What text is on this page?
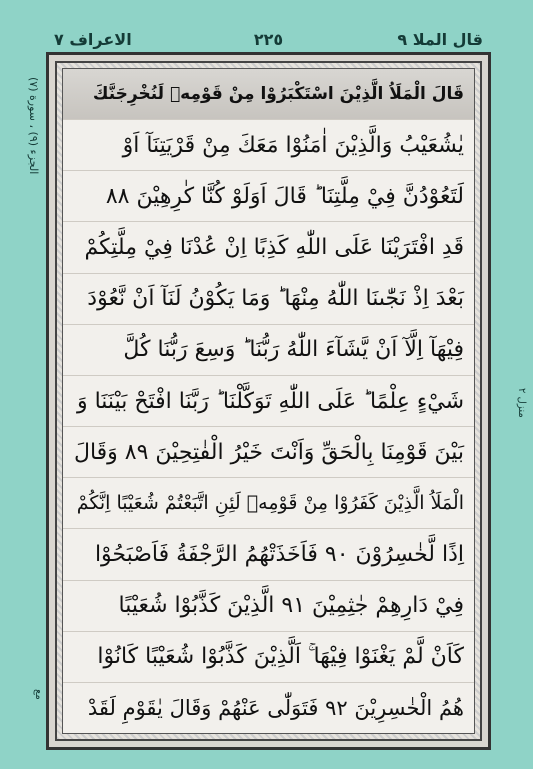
الاعراف ٧	٢٢٥	قال الملا ٩
الجزء (٩) ، سورة (٧)
مع
منزل ٢
قَالَ الْمَلَاُ الَّذِيْنَ اسْتَكْبَرُوْا مِنْ قَوْمِهٖ لَنُخْرِجَنَّكَ
يٰشُعَيْبُ وَالَّذِيْنَ اٰمَنُوْا مَعَكَ مِنْ قَرْيَتِنَآ اَوْ
لَتَعُوْدُنَّ فِيْ مِلَّتِنَا ؕ قَالَ اَوَلَوْ كُنَّا كٰرِهِيْنَ ۸۸
قَدِ افْتَرَيْنَا عَلَى اللّٰهِ كَذِبًا اِنْ عُدْنَا فِيْ مِلَّتِكُمْ
بَعْدَ اِذْ نَجّٰىنَا اللّٰهُ مِنْهَا ؕ وَمَا يَكُوْنُ لَنَآ اَنْ نَّعُوْدَ
فِيْهَآ اِلَّآ اَنْ يَّشَآءَ اللّٰهُ رَبُّنَا ؕ وَسِعَ رَبُّنَا كُلَّ
شَيْءٍ عِلْمًا ؕ عَلَى اللّٰهِ تَوَكَّلْنَا ؕ رَبَّنَا افْتَحْ بَيْنَنَا وَ
بَيْنَ قَوْمِنَا بِالْحَقِّ وَاَنْتَ خَيْرُ الْفٰتِحِيْنَ ۸۹ وَقَالَ
الْمَلَاُ الَّذِيْنَ كَفَرُوْا مِنْ قَوْمِهٖ لَئِنِ اتَّبَعْتُمْ شُعَيْبًا اِنَّكُمْ
اِذًا لَّخٰسِرُوْنَ ۹۰ فَاَخَذَتْهُمُ الرَّجْفَةُ فَاَصْبَحُوْا
فِيْ دَارِهِمْ جٰثِمِيْنَ ۹۱ الَّذِيْنَ كَذَّبُوْا شُعَيْبًا
كَاَنْ لَّمْ يَغْنَوْا فِيْهَا ۚ اَلَّذِيْنَ كَذَّبُوْا شُعَيْبًا كَانُوْا
هُمُ الْخٰسِرِيْنَ ۹۲ فَتَوَلّٰى عَنْهُمْ وَقَالَ يٰقَوْمِ لَقَدْ
